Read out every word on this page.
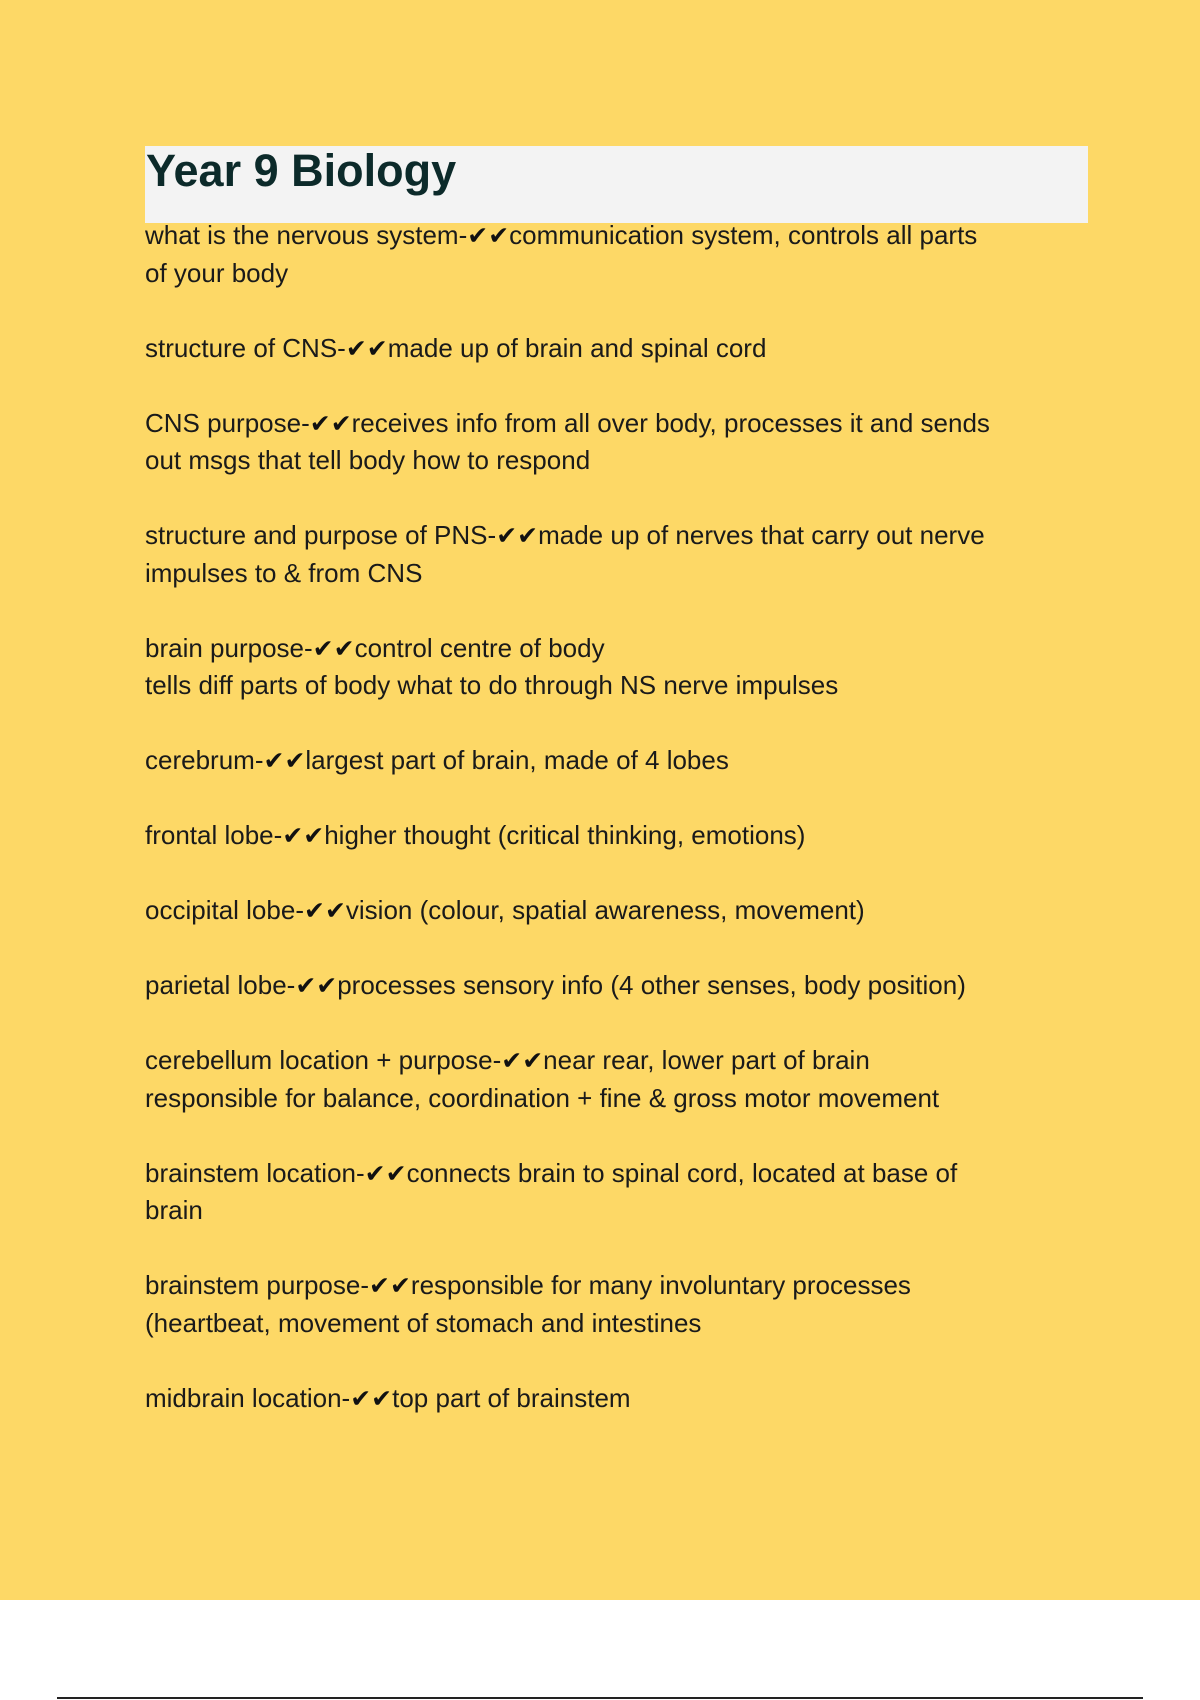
Year 9 Biology
what is the nervous system-✔✔communication system, controls all parts
of your body
structure of CNS-✔✔made up of brain and spinal cord
CNS purpose-✔✔receives info from all over body, processes it and sends
out msgs that tell body how to respond
structure and purpose of PNS-✔✔made up of nerves that carry out nerve
impulses to & from CNS
brain purpose-✔✔control centre of body
tells diff parts of body what to do through NS nerve impulses
cerebrum-✔✔largest part of brain, made of 4 lobes
frontal lobe-✔✔higher thought (critical thinking, emotions)
occipital lobe-✔✔vision (colour, spatial awareness, movement)
parietal lobe-✔✔processes sensory info (4 other senses, body position)
cerebellum location + purpose-✔✔near rear, lower part of brain
responsible for balance, coordination + fine & gross motor movement
brainstem location-✔✔connects brain to spinal cord, located at base of
brain
brainstem purpose-✔✔responsible for many involuntary processes
(heartbeat, movement of stomach and intestines
midbrain location-✔✔top part of brainstem
